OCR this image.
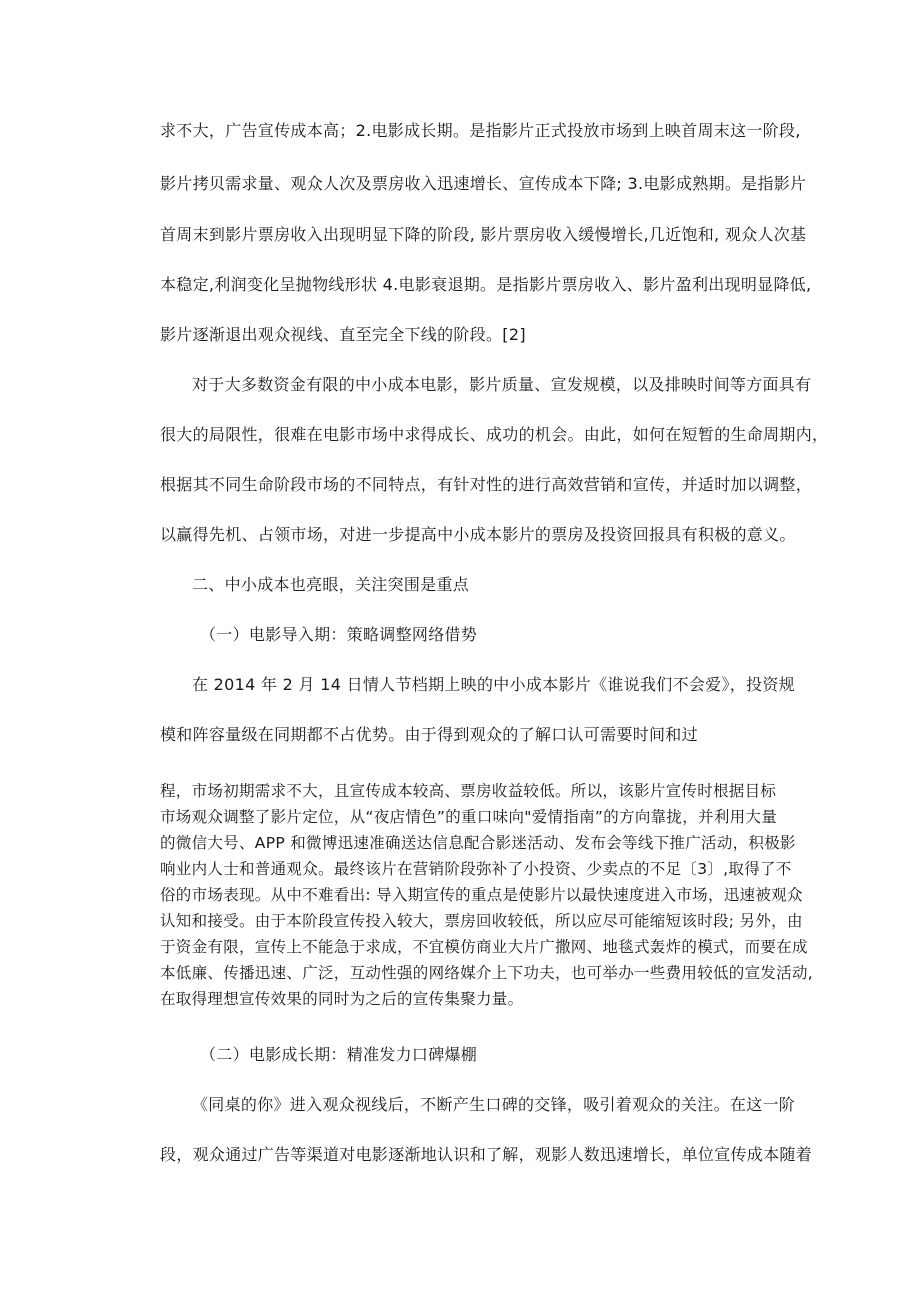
求不大，广告宣传成本高；2.电影成长期。是指影片正式投放市场到上映首周末这一阶段,
影片拷贝需求量、观众人次及票房收入迅速增长、宣传成本下降; 3.电影成熟期。是指影片
首周末到影片票房收入出现明显下降的阶段, 影片票房收入缓慢增长,几近饱和, 观众人次基
本稳定,利润变化呈抛物线形状 4.电影衰退期。是指影片票房收入、影片盈利出现明显降低,
影片逐渐退出观众视线、直至完全下线的阶段。[2]
对于大多数资金有限的中小成本电影，影片质量、宣发规模，以及排映时间等方面具有
很大的局限性，很难在电影市场中求得成长、成功的机会。由此，如何在短暂的生命周期内，
根据其不同生命阶段市场的不同特点，有针对性的进行高效营销和宣传，并适时加以调整，
以赢得先机、占领市场，对进一步提高中小成本影片的票房及投资回报具有积极的意义。
二、中小成本也亮眼，关注突围是重点
（一）电影导入期：策略调整网络借势
在 2014 年 2 月 14 日情人节档期上映的中小成本影片《谁说我们不会爱》，投资规
模和阵容量级在同期都不占优势。由于得到观众的了解口认可需要时间和过
程，市场初期需求不大，且宣传成本较高、票房收益较低。所以，该影片宣传时根据目标
市场观众调整了影片定位，从“夜店情色”的重口味向"爱情指南”的方向靠拢，并利用大量
的微信大号、APP 和微博迅速准确送达信息配合影迷活动、发布会等线下推广活动，积极影
响业内人士和普通观众。最终该片在营销阶段弥补了小投资、少卖点的不足〔3〕,取得了不
俗的市场表现。从中不难看出: 导入期宣传的重点是使影片以最快速度进入市场，迅速被观众
认知和接受。由于本阶段宣传投入较大，票房回收较低，所以应尽可能缩短该时段; 另外，由
于资金有限，宣传上不能急于求成，不宜模仿商业大片广撒网、地毯式轰炸的模式，而要在成
本低廉、传播迅速、广泛，互动性强的网络媒介上下功夫，也可举办一些费用较低的宣发活动,
在取得理想宣传效果的同时为之后的宣传集聚力量。
（二）电影成长期：精准发力口碑爆棚
《同桌的你》进入观众视线后，不断产生口碑的交锋，吸引着观众的关注。在这一阶
段，观众通过广告等渠道对电影逐渐地认识和了解，观影人数迅速增长，单位宣传成本随着
